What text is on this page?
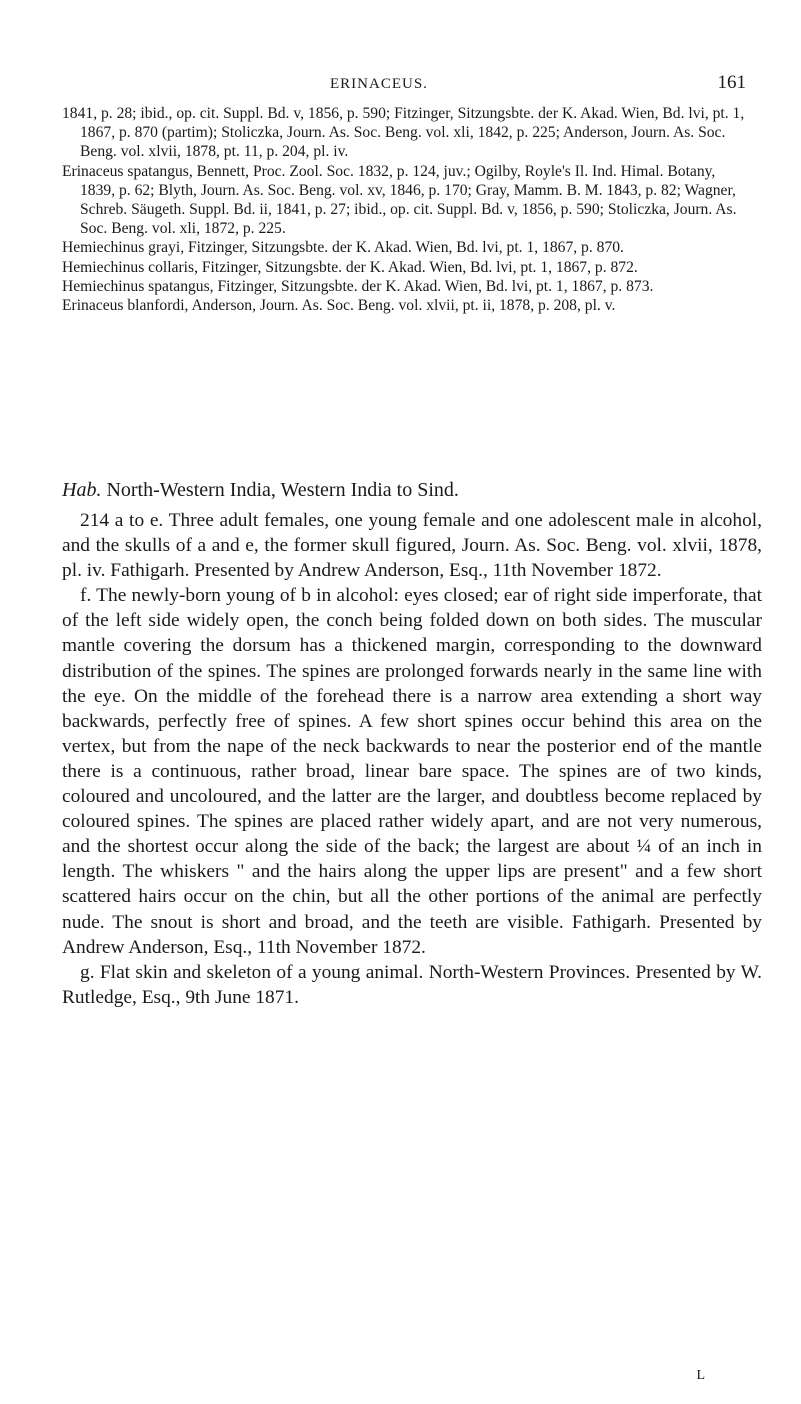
ERINACEUS.	161

1841, p. 28; ibid., op. cit. Suppl. Bd. v, 1856, p. 590; Fitzinger, Sitzungsbte. der K. Akad. Wien, Bd. lvi, pt. 1, 1867, p. 870 (partim); Stoliczka, Journ. As. Soc. Beng. vol. xli, 1842, p. 225; Anderson, Journ. As. Soc. Beng. vol. xlvii, 1878, pt. 11, p. 204, pl. iv.

Erinaceus spatangus, Bennett, Proc. Zool. Soc. 1832, p. 124, juv.; Ogilby, Royle's Il. Ind. Himal. Botany, 1839, p. 62; Blyth, Journ. As. Soc. Beng. vol. xv, 1846, p. 170; Gray, Mamm. B. M. 1843, p. 82; Wagner, Schreb. Säugeth. Suppl. Bd. ii, 1841, p. 27; ibid., op. cit. Suppl. Bd. v, 1856, p. 590; Stoliczka, Journ. As. Soc. Beng. vol. xli, 1872, p. 225.

Hemiechinus grayi, Fitzinger, Sitzungsbte. der K. Akad. Wien, Bd. lvi, pt. 1, 1867, p. 870.

Hemiechinus collaris, Fitzinger, Sitzungsbte. der K. Akad. Wien, Bd. lvi, pt. 1, 1867, p. 872.

Hemiechinus spatangus, Fitzinger, Sitzungsbte. der K. Akad. Wien, Bd. lvi, pt. 1, 1867, p. 873.

Erinaceus blanfordi, Anderson, Journ. As. Soc. Beng. vol. xlvii, pt. ii, 1878, p. 208, pl. v.

Hab. North-Western India, Western India to Sind.

214 a to e. Three adult females, one young female and one adolescent male in alcohol, and the skulls of a and e, the former skull figured, Journ. As. Soc. Beng. vol. xlvii, 1878, pl. iv. Fathigarh. Presented by Andrew Anderson, Esq., 11th November 1872.

f. The newly-born young of b in alcohol: eyes closed; ear of right side imperforate, that of the left side widely open, the conch being folded down on both sides. The muscular mantle covering the dorsum has a thickened margin, corresponding to the downward distribution of the spines. The spines are prolonged forwards nearly in the same line with the eye. On the middle of the forehead there is a narrow area extending a short way backwards, perfectly free of spines. A few short spines occur behind this area on the vertex, but from the nape of the neck backwards to near the posterior end of the mantle there is a continuous, rather broad, linear bare space. The spines are of two kinds, coloured and uncoloured, and the latter are the larger, and doubtless become replaced by coloured spines. The spines are placed rather widely apart, and are not very numerous, and the shortest occur along the side of the back; the largest are about ¼ of an inch in length. The whiskers " and the hairs along the upper lips are present" and a few short scattered hairs occur on the chin, but all the other portions of the animal are perfectly nude. The snout is short and broad, and the teeth are visible. Fathigarh. Presented by Andrew Anderson, Esq., 11th November 1872.

g. Flat skin and skeleton of a young animal. North-Western Provinces. Presented by W. Rutledge, Esq., 9th June 1871.

L
